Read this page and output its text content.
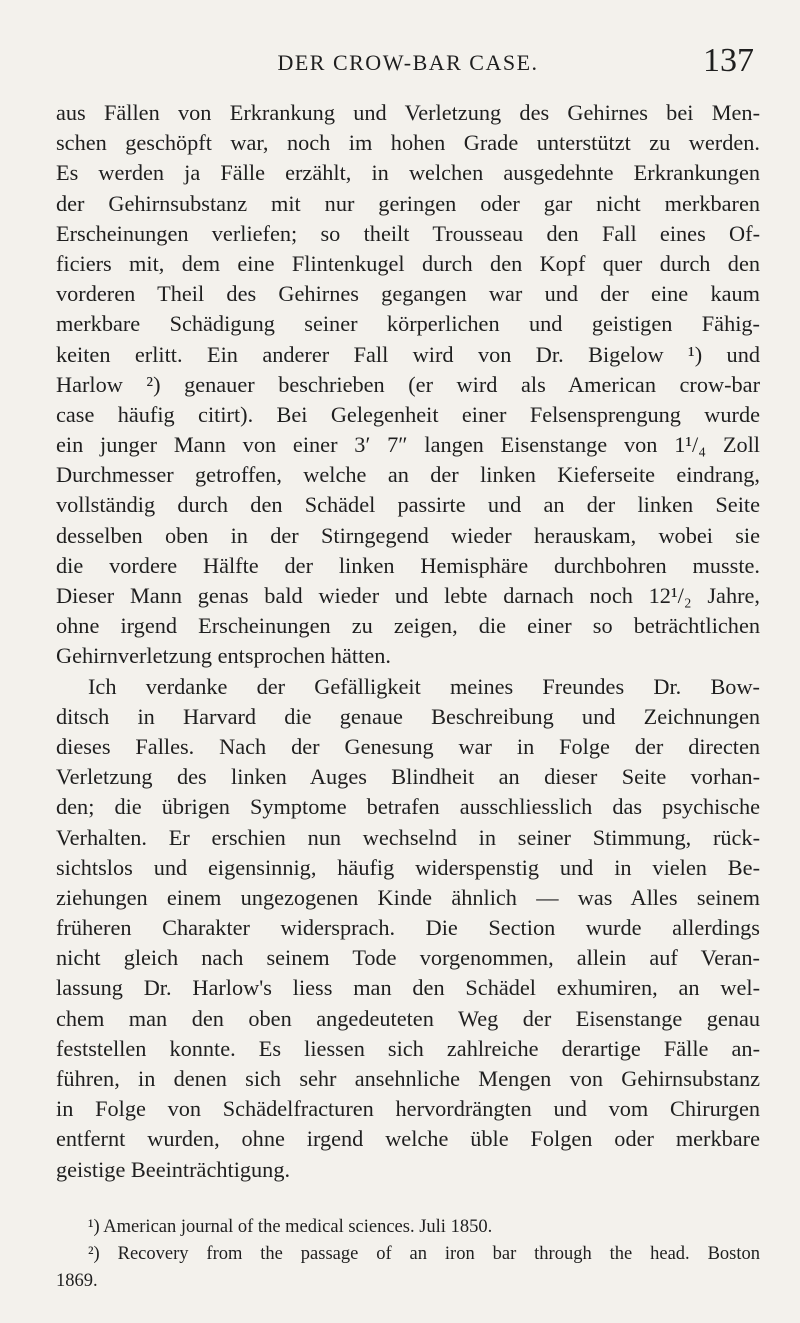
DER CROW-BAR CASE.	137
aus Fällen von Erkrankung und Verletzung des Gehirnes bei Men-
schen geschöpft war, noch im hohen Grade unterstützt zu werden.
Es werden ja Fälle erzählt, in welchen ausgedehnte Erkrankungen
der Gehirnsubstanz mit nur geringen oder gar nicht merkbaren
Erscheinungen verliefen; so theilt Trousseau den Fall eines Of-
ficiers mit, dem eine Flintenkugel durch den Kopf quer durch den
vorderen Theil des Gehirnes gegangen war und der eine kaum
merkbare Schädigung seiner körperlichen und geistigen Fähig-
keiten erlitt. Ein anderer Fall wird von Dr. Bigelow ¹) und
Harlow ²) genauer beschrieben (er wird als American crow-bar
case häufig citirt). Bei Gelegenheit einer Felsensprengung wurde
ein junger Mann von einer 3′ 7″ langen Eisenstange von 1¹/₄ Zoll
Durchmesser getroffen, welche an der linken Kieferseite eindrang,
vollständig durch den Schädel passirte und an der linken Seite
desselben oben in der Stirngegend wieder herauskam, wobei sie
die vordere Hälfte der linken Hemisphäre durchbohren musste.
Dieser Mann genas bald wieder und lebte darnach noch 12¹/₂ Jahre,
ohne irgend Erscheinungen zu zeigen, die einer so beträchtlichen
Gehirnverletzung entsprochen hätten.
Ich verdanke der Gefälligkeit meines Freundes Dr. Bow-
ditsch in Harvard die genaue Beschreibung und Zeichnungen
dieses Falles. Nach der Genesung war in Folge der directen
Verletzung des linken Auges Blindheit an dieser Seite vorhan-
den; die übrigen Symptome betrafen ausschliesslich das psychische
Verhalten. Er erschien nun wechselnd in seiner Stimmung, rück-
sichtslos und eigensinnig, häufig widerspenstig und in vielen Be-
ziehungen einem ungezogenen Kinde ähnlich — was Alles seinem
früheren Charakter widersprach. Die Section wurde allerdings
nicht gleich nach seinem Tode vorgenommen, allein auf Veran-
lassung Dr. Harlow's liess man den Schädel exhumiren, an wel-
chem man den oben angedeuteten Weg der Eisenstange genau
feststellen konnte. Es liessen sich zahlreiche derartige Fälle an-
führen, in denen sich sehr ansehnliche Mengen von Gehirnsubstanz
in Folge von Schädelfracturen hervordrängten und vom Chirurgen
entfernt wurden, ohne irgend welche üble Folgen oder merkbare
geistige Beeinträchtigung.
¹) American journal of the medical sciences. Juli 1850.
²) Recovery from the passage of an iron bar through the head. Boston
1869.
